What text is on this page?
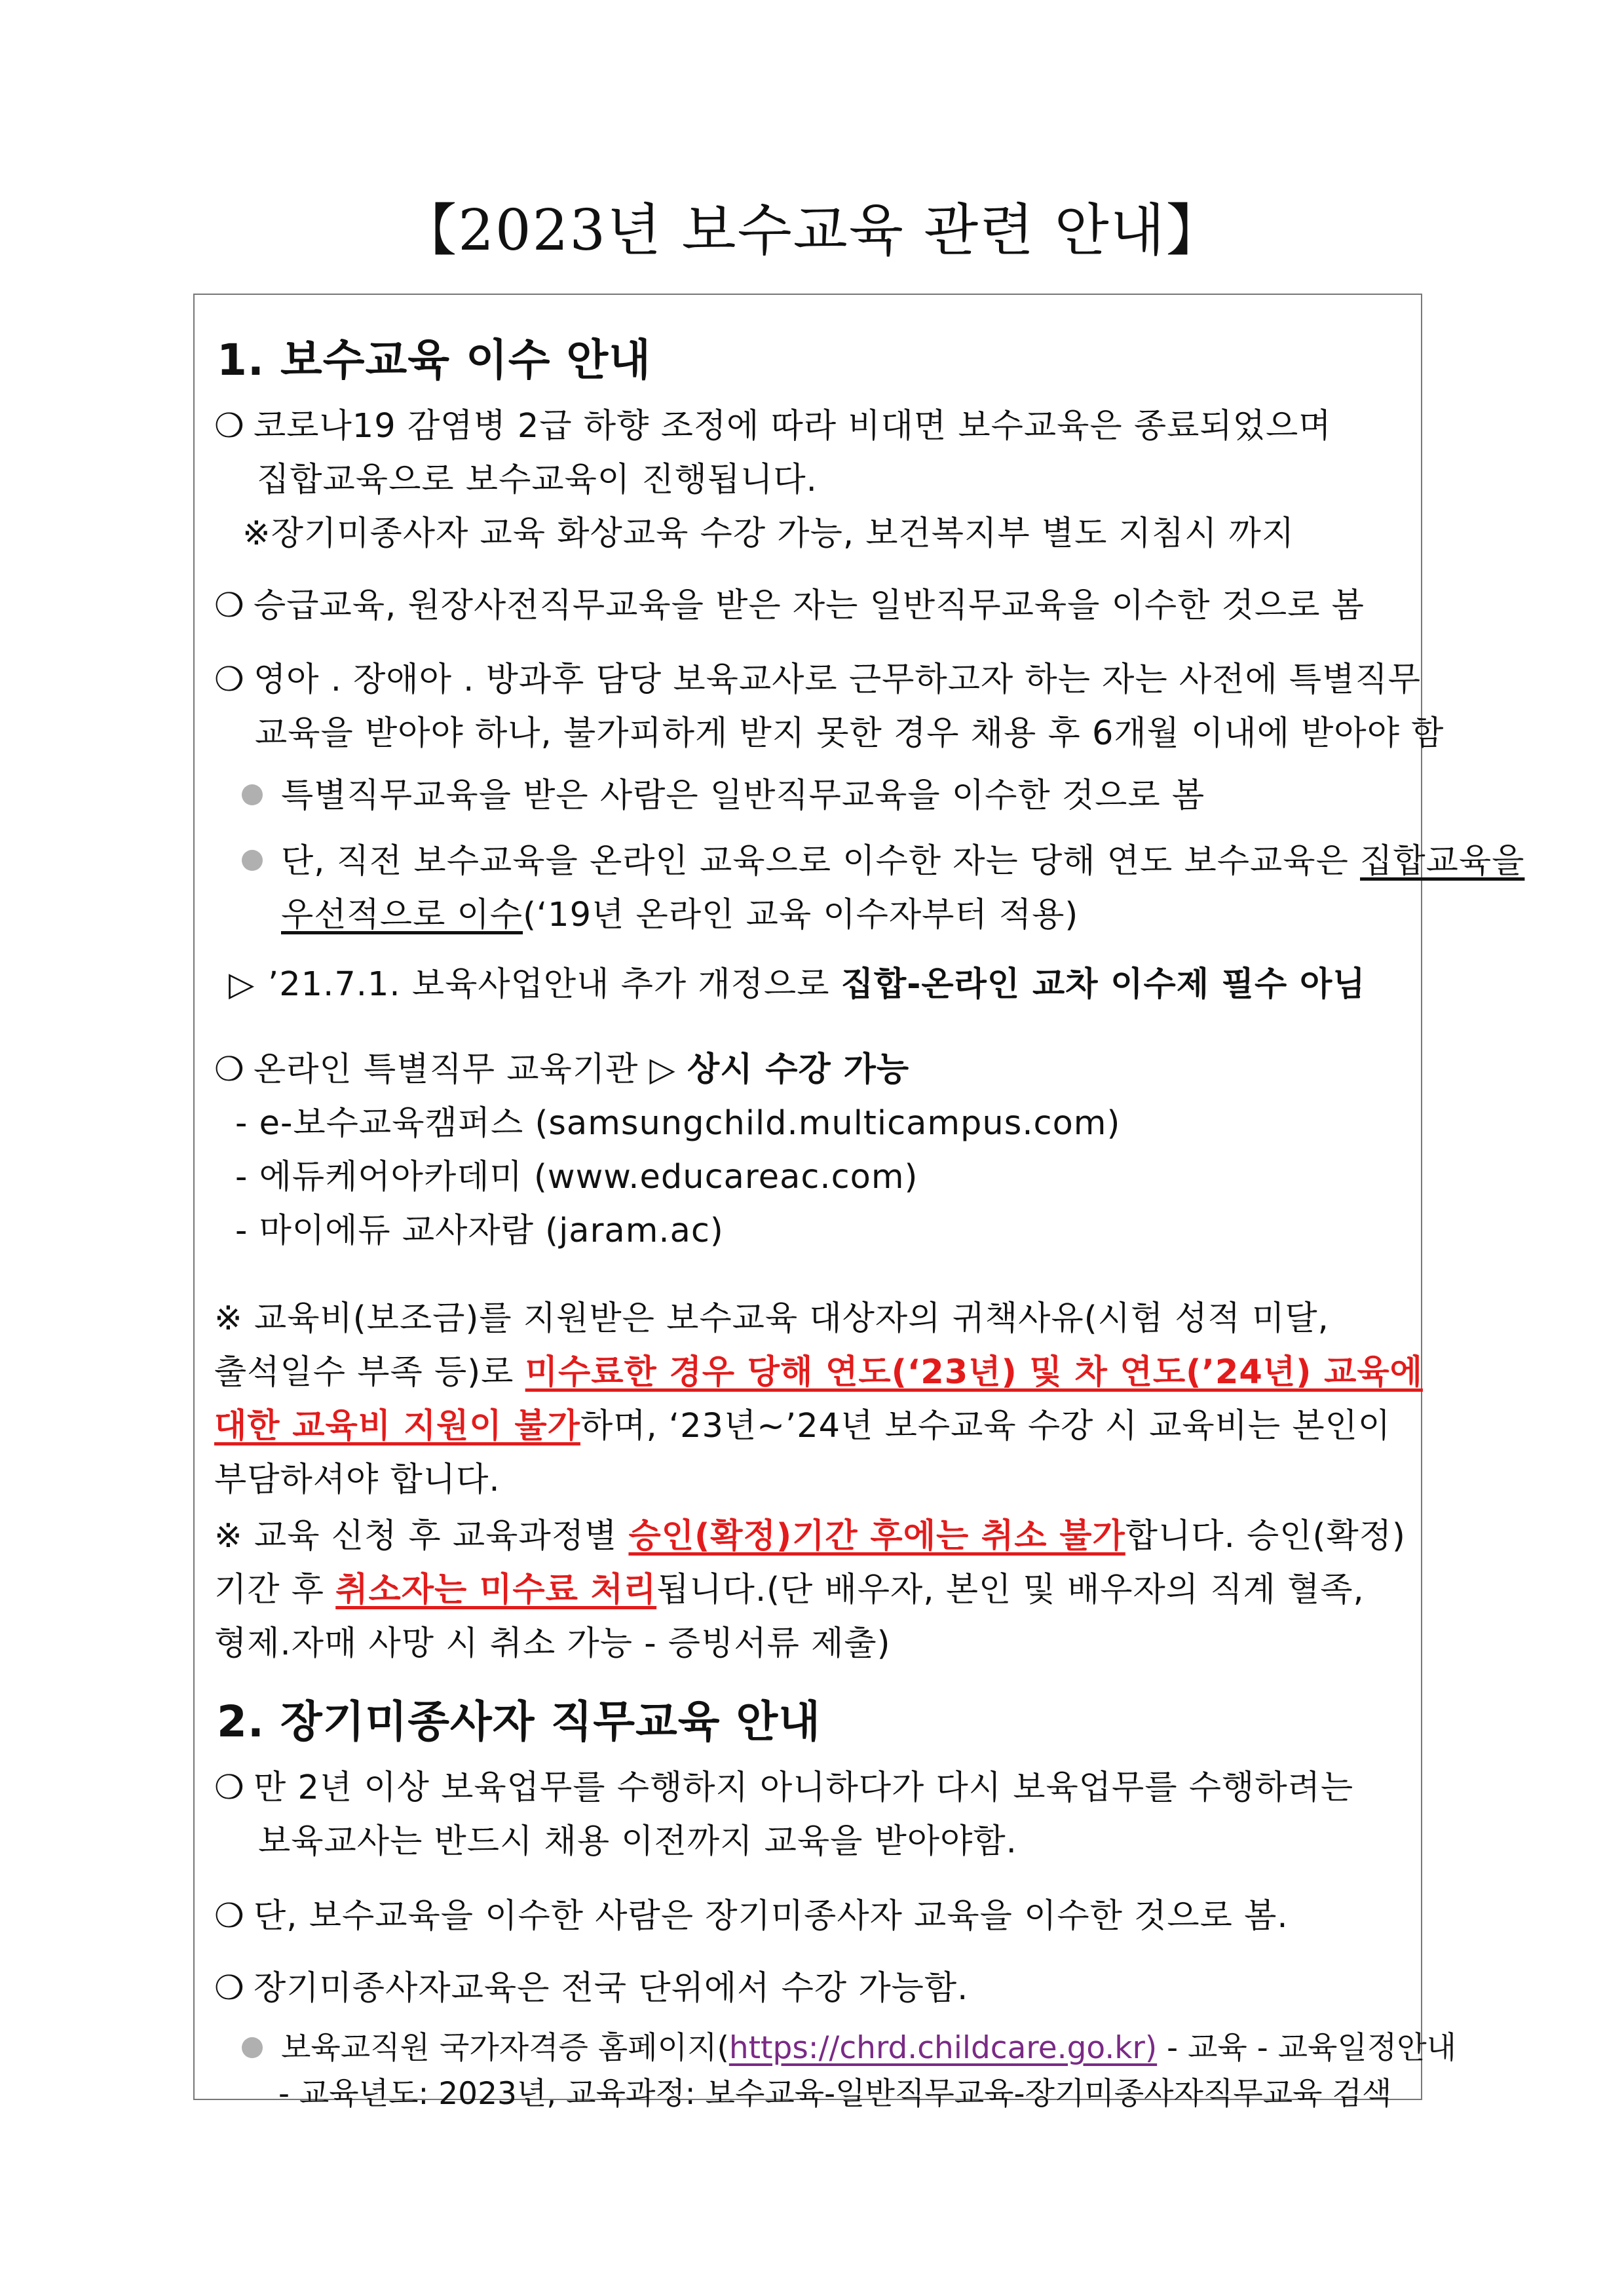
【2023년 보수교육 관련 안내】
1. 보수교육 이수 안내
❍ 코로나19 감염병 2급 하향 조정에 따라 비대면 보수교육은 종료되었으며
집합교육으로 보수교육이 진행됩니다.
※장기미종사자 교육 화상교육 수강 가능, 보건복지부 별도 지침시 까지
❍ 승급교육, 원장사전직무교육을 받은 자는 일반직무교육을 이수한 것으로 봄
❍ 영아 . 장애아 . 방과후 담당 보육교사로 근무하고자 하는 자는 사전에 특별직무
교육을 받아야 하나, 불가피하게 받지 못한 경우 채용 후 6개월 이내에 받아야 함
특별직무교육을 받은 사람은 일반직무교육을 이수한 것으로 봄
단, 직전 보수교육을 온라인 교육으로 이수한 자는 당해 연도 보수교육은 집합교육을
우선적으로 이수(‘19년 온라인 교육 이수자부터 적용)
▷ ’21.7.1. 보육사업안내 추가 개정으로 집합-온라인 교차 이수제 필수 아님
❍ 온라인 특별직무 교육기관 ▷ 상시 수강 가능
- e-보수교육캠퍼스 (samsungchild.multicampus.com)
- 에듀케어아카데미 (www.educareac.com)
- 마이에듀 교사자람 (jaram.ac)
※ 교육비(보조금)를 지원받은 보수교육 대상자의 귀책사유(시험 성적 미달,
출석일수 부족 등)로 미수료한 경우 당해 연도(‘23년) 및 차 연도(’24년) 교육에
대한 교육비 지원이 불가하며, ‘23년~’24년 보수교육 수강 시 교육비는 본인이
부담하셔야 합니다.
※ 교육 신청 후 교육과정별 승인(확정)기간 후에는 취소 불가합니다. 승인(확정)
기간 후 취소자는 미수료 처리됩니다.(단 배우자, 본인 및 배우자의 직계 혈족,
형제.자매 사망 시 취소 가능 - 증빙서류 제출)
2. 장기미종사자 직무교육 안내
❍ 만 2년 이상 보육업무를 수행하지 아니하다가 다시 보육업무를 수행하려는
보육교사는 반드시 채용 이전까지 교육을 받아야함.
❍ 단, 보수교육을 이수한 사람은 장기미종사자 교육을 이수한 것으로 봄.
❍ 장기미종사자교육은 전국 단위에서 수강 가능함.
보육교직원 국가자격증 홈페이지(https://chrd.childcare.go.kr) - 교육 - 교육일정안내
- 교육년도: 2023년, 교육과정: 보수교육-일반직무교육-장기미종사자직무교육 검색
